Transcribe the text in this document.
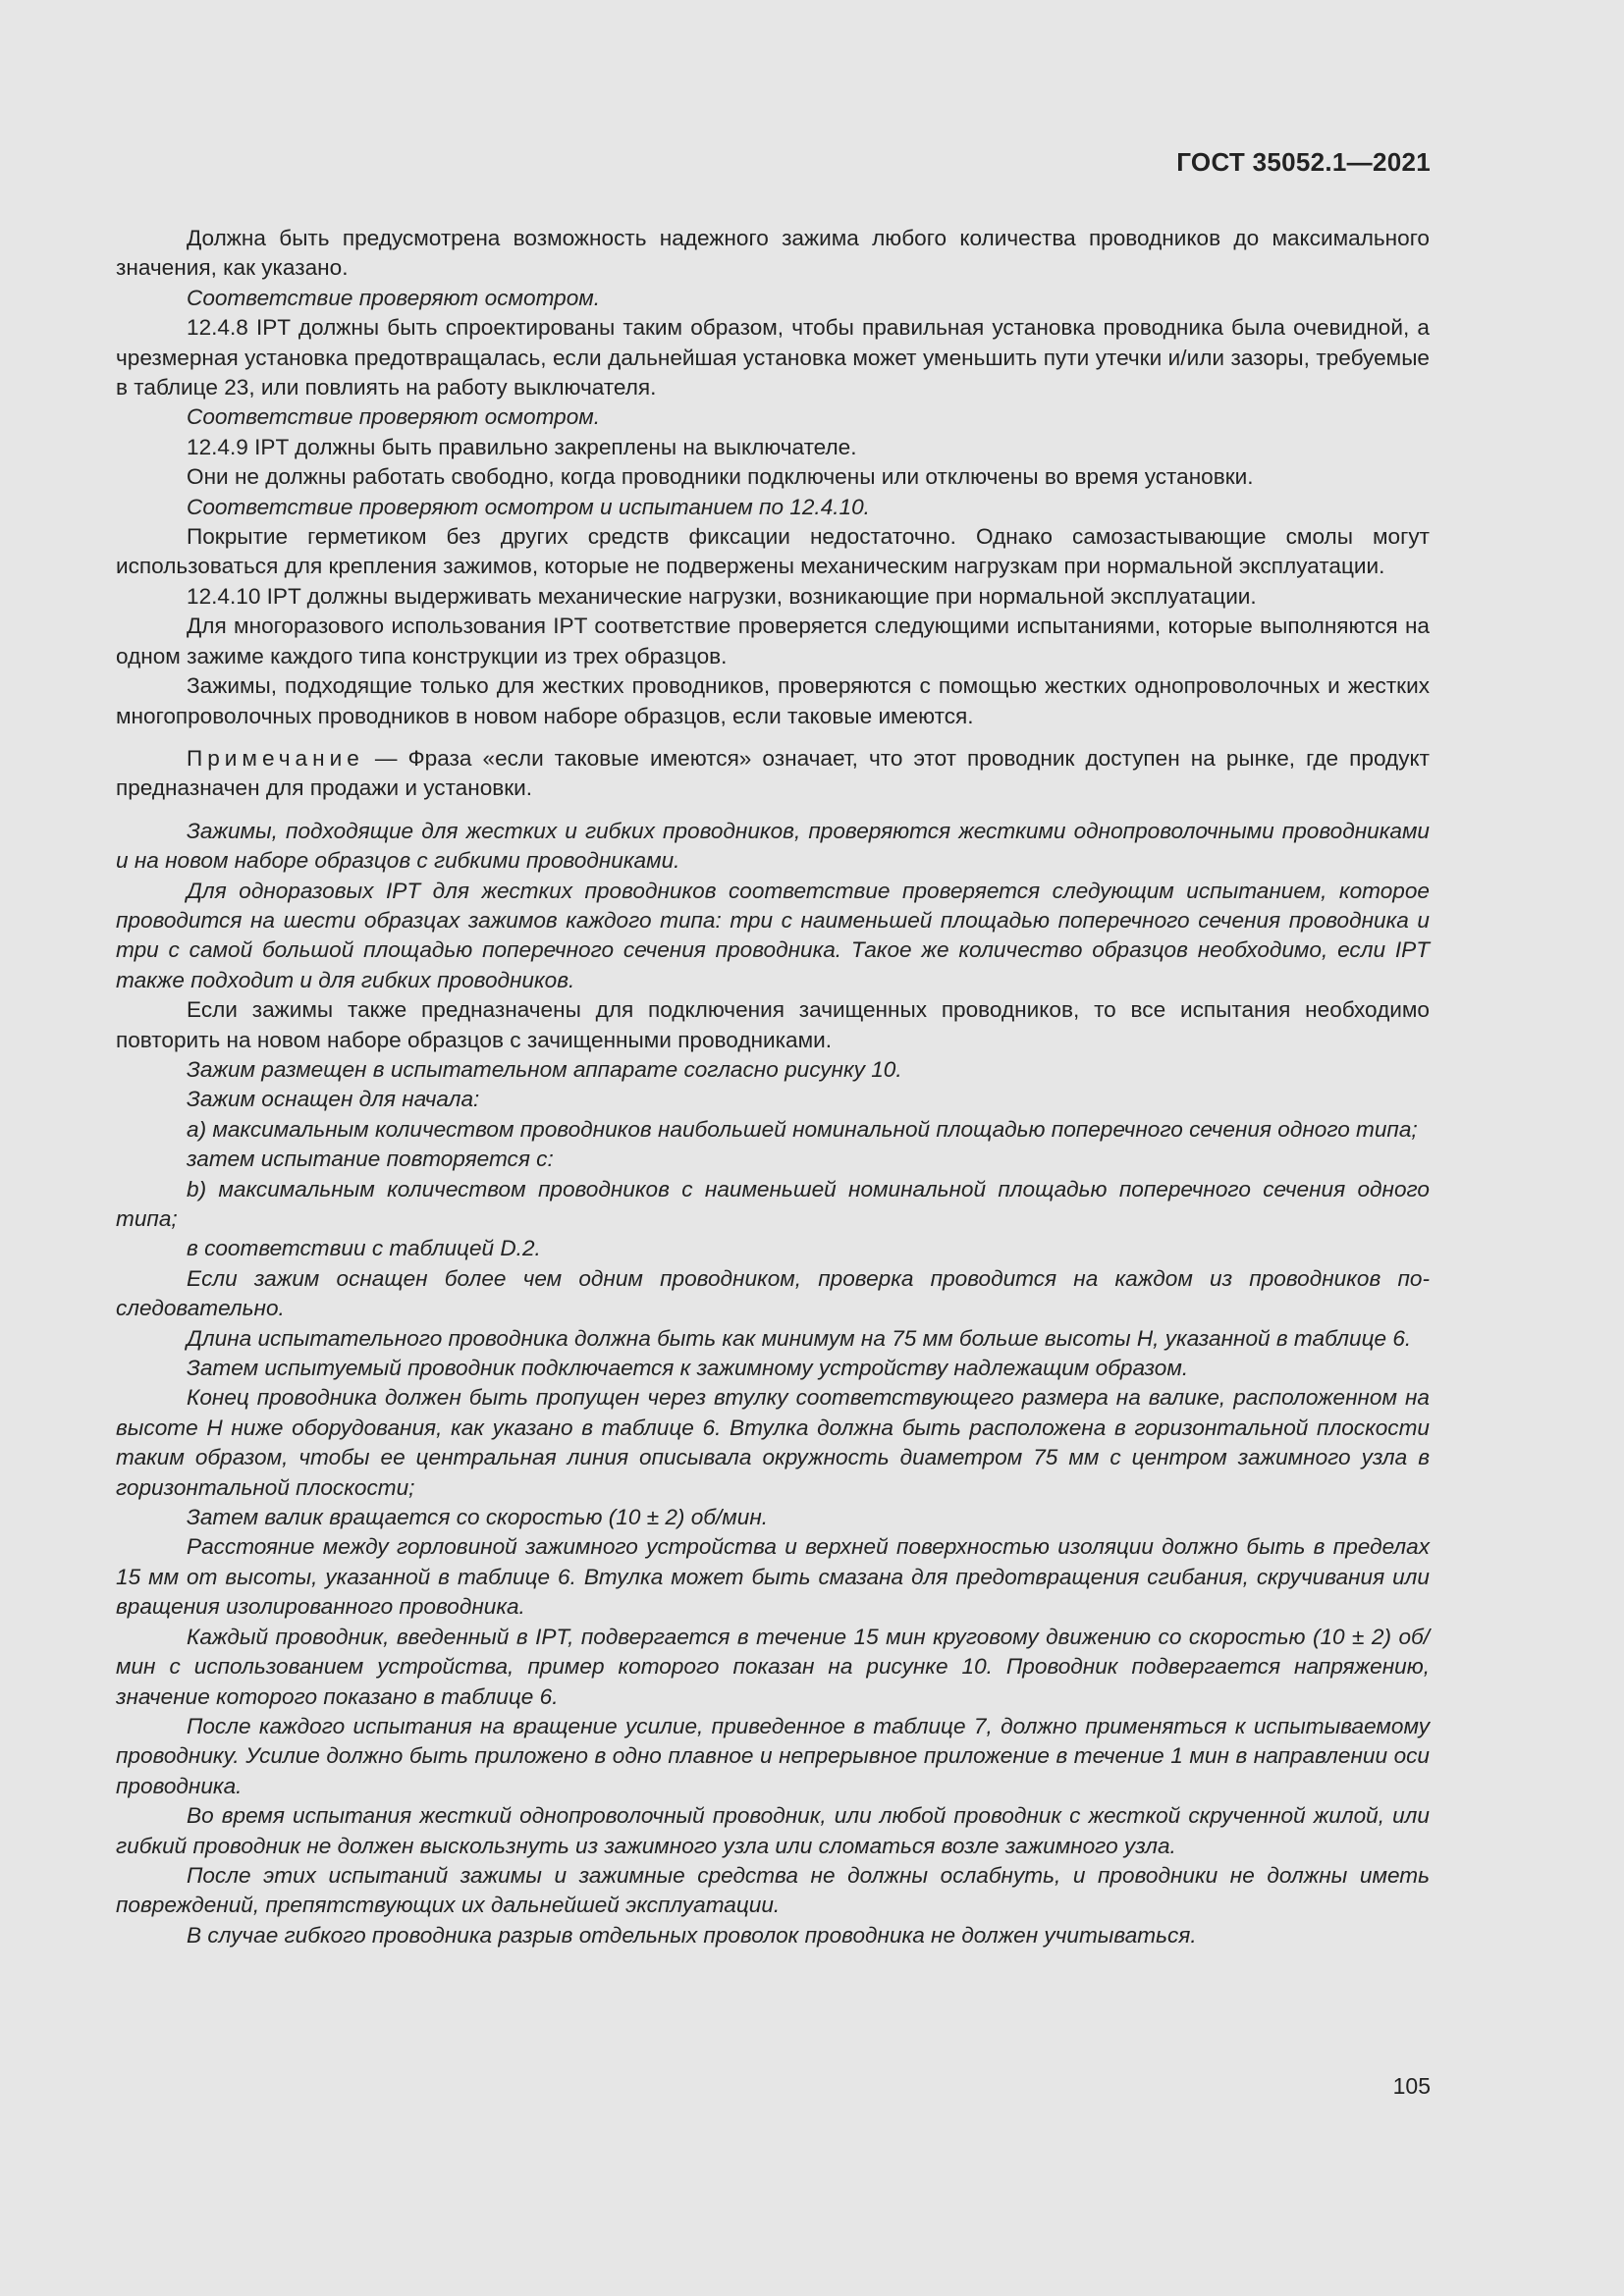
ГОСТ 35052.1—2021

Должна быть предусмотрена возможность надежного зажима любого количества проводников до максимального значения, как указано.

Соответствие проверяют осмотром.

12.4.8 IPT должны быть спроектированы таким образом, чтобы правильная установка проводника была очевидной, а чрезмерная установка предотвращалась, если дальнейшая установка может уменьшить пути утечки и/или зазоры, требуемые в таблице 23, или повлиять на работу выключателя.

Соответствие проверяют осмотром.

12.4.9 IPT должны быть правильно закреплены на выключателе.

Они не должны работать свободно, когда проводники подключены или отключены во время установки.

Соответствие проверяют осмотром и испытанием по 12.4.10.

Покрытие герметиком без других средств фиксации недостаточно. Однако самозастывающие смолы могут использоваться для крепления зажимов, которые не подвержены механическим нагрузкам при нормальной эксплуатации.

12.4.10 IPT должны выдерживать механические нагрузки, возникающие при нормальной эксплуатации.

Для многоразового использования IPT соответствие проверяется следующими испытаниями, которые выполняются на одном зажиме каждого типа конструкции из трех образцов.

Зажимы, подходящие только для жестких проводников, проверяются с помощью жестких однопроволочных и жестких многопроволочных проводников в новом наборе образцов, если таковые имеются.

Примечание — Фраза «если таковые имеются» означает, что этот проводник доступен на рынке, где продукт предназначен для продажи и установки.

Зажимы, подходящие для жестких и гибких проводников, проверяются жесткими однопроволочными проводниками и на новом наборе образцов с гибкими проводниками.

Для одноразовых IPT для жестких проводников соответствие проверяется следующим испытанием, которое проводится на шести образцах зажимов каждого типа: три с наименьшей площадью поперечного сечения проводника и три с самой большой площадью поперечного сечения проводника. Такое же количество образцов необходимо, если IPT также подходит и для гибких проводников.

Если зажимы также предназначены для подключения зачищенных проводников, то все испытания необходимо повторить на новом наборе образцов с зачищенными проводниками.

Зажим размещен в испытательном аппарате согласно рисунку 10.

Зажим оснащен для начала:

a) максимальным количеством проводников наибольшей номинальной площадью поперечного сечения одного типа;

затем испытание повторяется с:

b) максимальным количеством проводников с наименьшей номинальной площадью поперечного сечения одного типа;

в соответствии с таблицей D.2.

Если зажим оснащен более чем одним проводником, проверка проводится на каждом из проводников последовательно.

Длина испытательного проводника должна быть как минимум на 75 мм больше высоты H, указанной в таблице 6.

Затем испытуемый проводник подключается к зажимному устройству надлежащим образом.

Конец проводника должен быть пропущен через втулку соответствующего размера на валике, расположенном на высоте H ниже оборудования, как указано в таблице 6. Втулка должна быть расположена в горизонтальной плоскости таким образом, чтобы ее центральная линия описывала окружность диаметром 75 мм с центром зажимного узла в горизонтальной плоскости;

Затем валик вращается со скоростью (10 ± 2) об/мин.

Расстояние между горловиной зажимного устройства и верхней поверхностью изоляции должно быть в пределах 15 мм от высоты, указанной в таблице 6. Втулка может быть смазана для предотвращения сгибания, скручивания или вращения изолированного проводника.

Каждый проводник, введенный в IPT, подвергается в течение 15 мин круговому движению со скоростью (10 ± 2) об/мин с использованием устройства, пример которого показан на рисунке 10. Проводник подвергается напряжению, значение которого показано в таблице 6.

После каждого испытания на вращение усилие, приведенное в таблице 7, должно применяться к испытываемому проводнику. Усилие должно быть приложено в одно плавное и непрерывное приложение в течение 1 мин в направлении оси проводника.

Во время испытания жесткий однопроволочный проводник, или любой проводник с жесткой скрученной жилой, или гибкий проводник не должен выскользнуть из зажимного узла или сломаться возле зажимного узла.

После этих испытаний зажимы и зажимные средства не должны ослабнуть, и проводники не должны иметь повреждений, препятствующих их дальнейшей эксплуатации.

В случае гибкого проводника разрыв отдельных проволок проводника не должен учитываться.

105
